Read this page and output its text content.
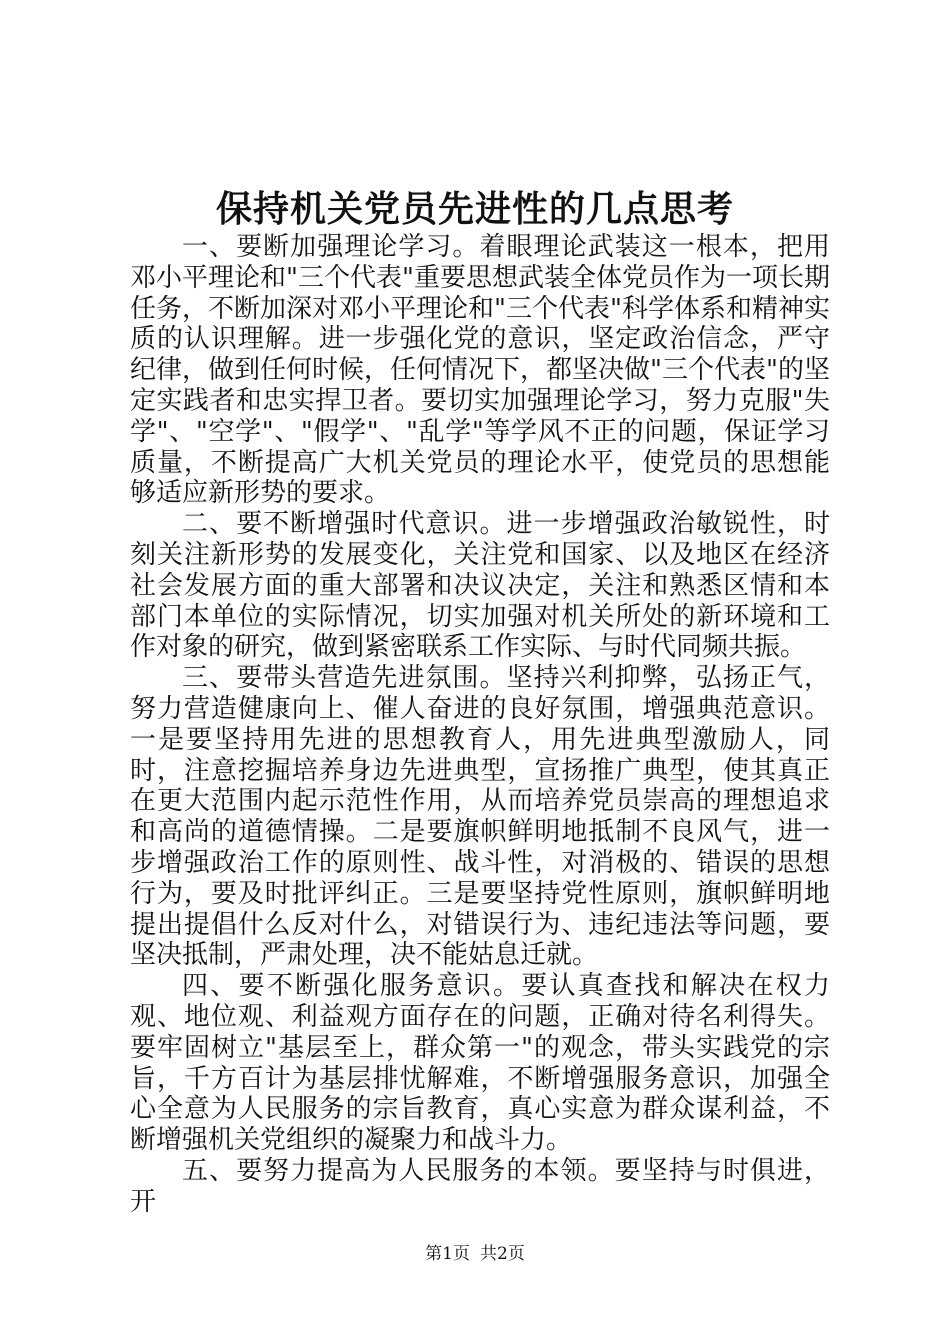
保持机关党员先进性的几点思考

一、要断加强理论学习。着眼理论武装这一根本，把用邓小平理论和"三个代表"重要思想武装全体党员作为一项长期任务，不断加深对邓小平理论和"三个代表"科学体系和精神实质的认识理解。进一步强化党的意识，坚定政治信念，严守纪律，做到任何时候，任何情况下，都坚决做"三个代表"的坚定实践者和忠实捍卫者。要切实加强理论学习，努力克服"失学"、"空学"、"假学"、"乱学"等学风不正的问题，保证学习质量，不断提高广大机关党员的理论水平，使党员的思想能够适应新形势的要求。

二、要不断增强时代意识。进一步增强政治敏锐性，时刻关注新形势的发展变化，关注党和国家、以及地区在经济社会发展方面的重大部署和决议决定，关注和熟悉区情和本部门本单位的实际情况，切实加强对机关所处的新环境和工作对象的研究，做到紧密联系工作实际、与时代同频共振。

三、要带头营造先进氛围。坚持兴利抑弊，弘扬正气，努力营造健康向上、催人奋进的良好氛围，增强典范意识。一是要坚持用先进的思想教育人，用先进典型激励人，同时，注意挖掘培养身边先进典型，宣扬推广典型，使其真正在更大范围内起示范性作用，从而培养党员崇高的理想追求和高尚的道德情操。二是要旗帜鲜明地抵制不良风气，进一步增强政治工作的原则性、战斗性，对消极的、错误的思想行为，要及时批评纠正。三是要坚持党性原则，旗帜鲜明地提出提倡什么反对什么，对错误行为、违纪违法等问题，要坚决抵制，严肃处理，决不能姑息迁就。

四、要不断强化服务意识。要认真查找和解决在权力观、地位观、利益观方面存在的问题，正确对待名利得失。要牢固树立"基层至上，群众第一"的观念，带头实践党的宗旨，千方百计为基层排忧解难，不断增强服务意识，加强全心全意为人民服务的宗旨教育，真心实意为群众谋利益，不断增强机关党组织的凝聚力和战斗力。

五、要努力提高为人民服务的本领。要坚持与时俱进，开

第1页 共2页
